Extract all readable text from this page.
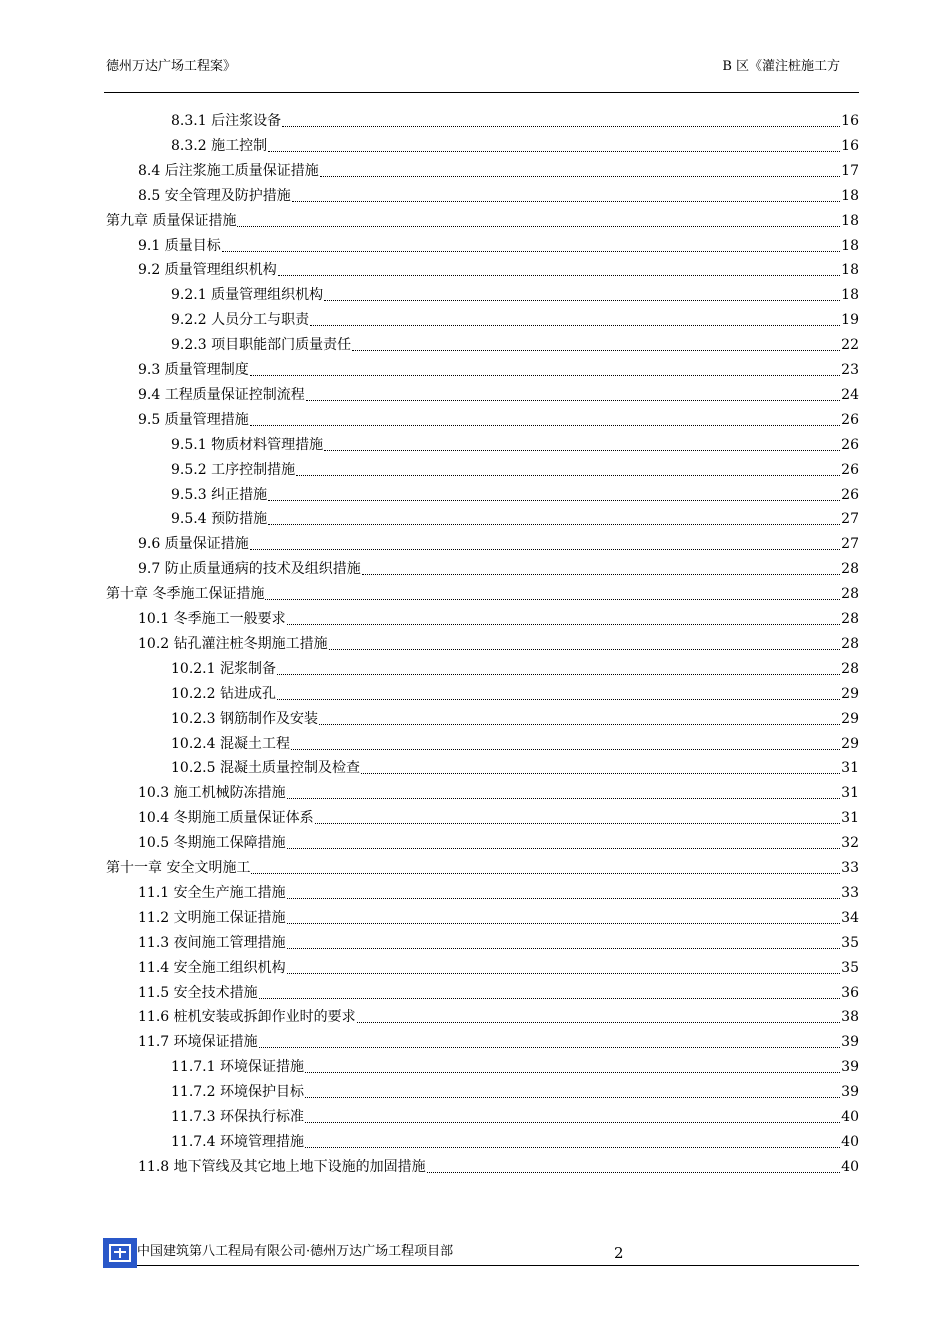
德州万达广场工程案》	B 区《灌注桩施工方
8.3.1 后注浆设备	16
8.3.2 施工控制	16
8.4 后注浆施工质量保证措施	17
8.5 安全管理及防护措施	18
第九章 质量保证措施	18
9.1 质量目标	18
9.2 质量管理组织机构	18
9.2.1 质量管理组织机构	18
9.2.2 人员分工与职责	19
9.2.3 项目职能部门质量责任	22
9.3 质量管理制度	23
9.4 工程质量保证控制流程	24
9.5 质量管理措施	26
9.5.1 物质材料管理措施	26
9.5.2 工序控制措施	26
9.5.3 纠正措施	26
9.5.4 预防措施	27
9.6 质量保证措施	27
9.7 防止质量通病的技术及组织措施	28
第十章 冬季施工保证措施	28
10.1 冬季施工一般要求	28
10.2 钻孔灌注桩冬期施工措施	28
10.2.1 泥浆制备	28
10.2.2 钻进成孔	29
10.2.3 钢筋制作及安装	29
10.2.4 混凝土工程	29
10.2.5 混凝土质量控制及检查	31
10.3 施工机械防冻措施	31
10.4 冬期施工质量保证体系	31
10.5 冬期施工保障措施	32
第十一章 安全文明施工	33
11.1 安全生产施工措施	33
11.2 文明施工保证措施	34
11.3 夜间施工管理措施	35
11.4 安全施工组织机构	35
11.5 安全技术措施	36
11.6 桩机安装或拆卸作业时的要求	38
11.7 环境保证措施	39
11.7.1 环境保证措施	39
11.7.2 环境保护目标	39
11.7.3 环保执行标准	40
11.7.4 环境管理措施	40
11.8 地下管线及其它地上地下设施的加固措施	40
中国建筑第八工程局有限公司·德州万达广场工程项目部	2
